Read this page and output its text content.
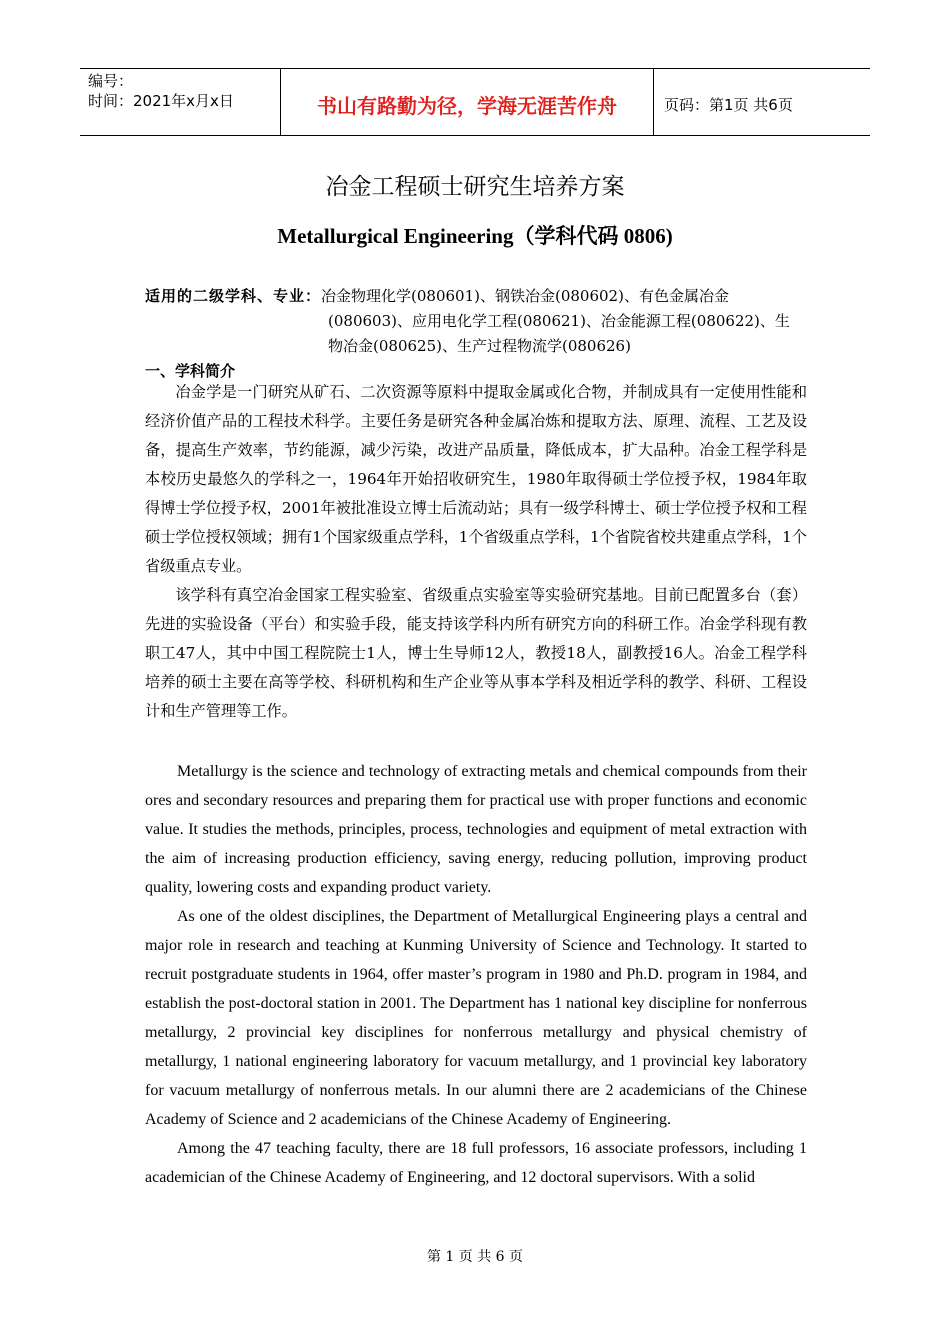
编号：
时间：2021年x月x日	书山有路勤为径，学海无涯苦作舟	页码：第1页 共6页
冶金工程硕士研究生培养方案
Metallurgical Engineering（学科代码 0806)
适用的二级学科、专业：冶金物理化学(080601)、钢铁冶金(080602)、有色金属冶金
(080603)、应用电化学工程(080621)、冶金能源工程(080622)、生
物冶金(080625)、生产过程物流学(080626)
一、学科简介

冶金学是一门研究从矿石、二次资源等原料中提取金属或化合物，并制成具有一定使用性能和经济价值产品的工程技术科学。主要任务是研究各种金属冶炼和提取方法、原理、流程、工艺及设备，提高生产效率，节约能源，减少污染，改进产品质量，降低成本，扩大品种。冶金工程学科是本校历史最悠久的学科之一，1964年开始招收研究生，1980年取得硕士学位授予权，1984年取得博士学位授予权，2001年被批准设立博士后流动站；具有一级学科博士、硕士学位授予权和工程硕士学位授权领域；拥有1个国家级重点学科，1个省级重点学科，1个省院省校共建重点学科，1个省级重点专业。

该学科有真空冶金国家工程实验室、省级重点实验室等实验研究基地。目前已配置多台（套）先进的实验设备（平台）和实验手段，能支持该学科内所有研究方向的科研工作。冶金学科现有教职工47人，其中中国工程院院士1人，博士生导师12人，教授18人，副教授16人。冶金工程学科培养的硕士主要在高等学校、科研机构和生产企业等从事本学科及相近学科的教学、科研、工程设计和生产管理等工作。

Metallurgy is the science and technology of extracting metals and chemical compounds from their ores and secondary resources and preparing them for practical use with proper functions and economic value. It studies the methods, principles, process, technologies and equipment of metal extraction with the aim of increasing production efficiency, saving energy, reducing pollution, improving product quality, lowering costs and expanding product variety.

As one of the oldest disciplines, the Department of Metallurgical Engineering plays a central and major role in research and teaching at Kunming University of Science and Technology. It started to recruit postgraduate students in 1964, offer master’s program in 1980 and Ph.D. program in 1984, and establish the post-doctoral station in 2001. The Department has 1 national key discipline for nonferrous metallurgy, 2 provincial key disciplines for nonferrous metallurgy and physical chemistry of metallurgy, 1 national engineering laboratory for vacuum metallurgy, and 1 provincial key laboratory for vacuum metallurgy of nonferrous metals. In our alumni there are 2 academicians of the Chinese Academy of Science and 2 academicians of the Chinese Academy of Engineering.

Among the 47 teaching faculty, there are 18 full professors, 16 associate professors, including 1 academician of the Chinese Academy of Engineering, and 12 doctoral supervisors. With a solid

第 1 页 共 6 页
